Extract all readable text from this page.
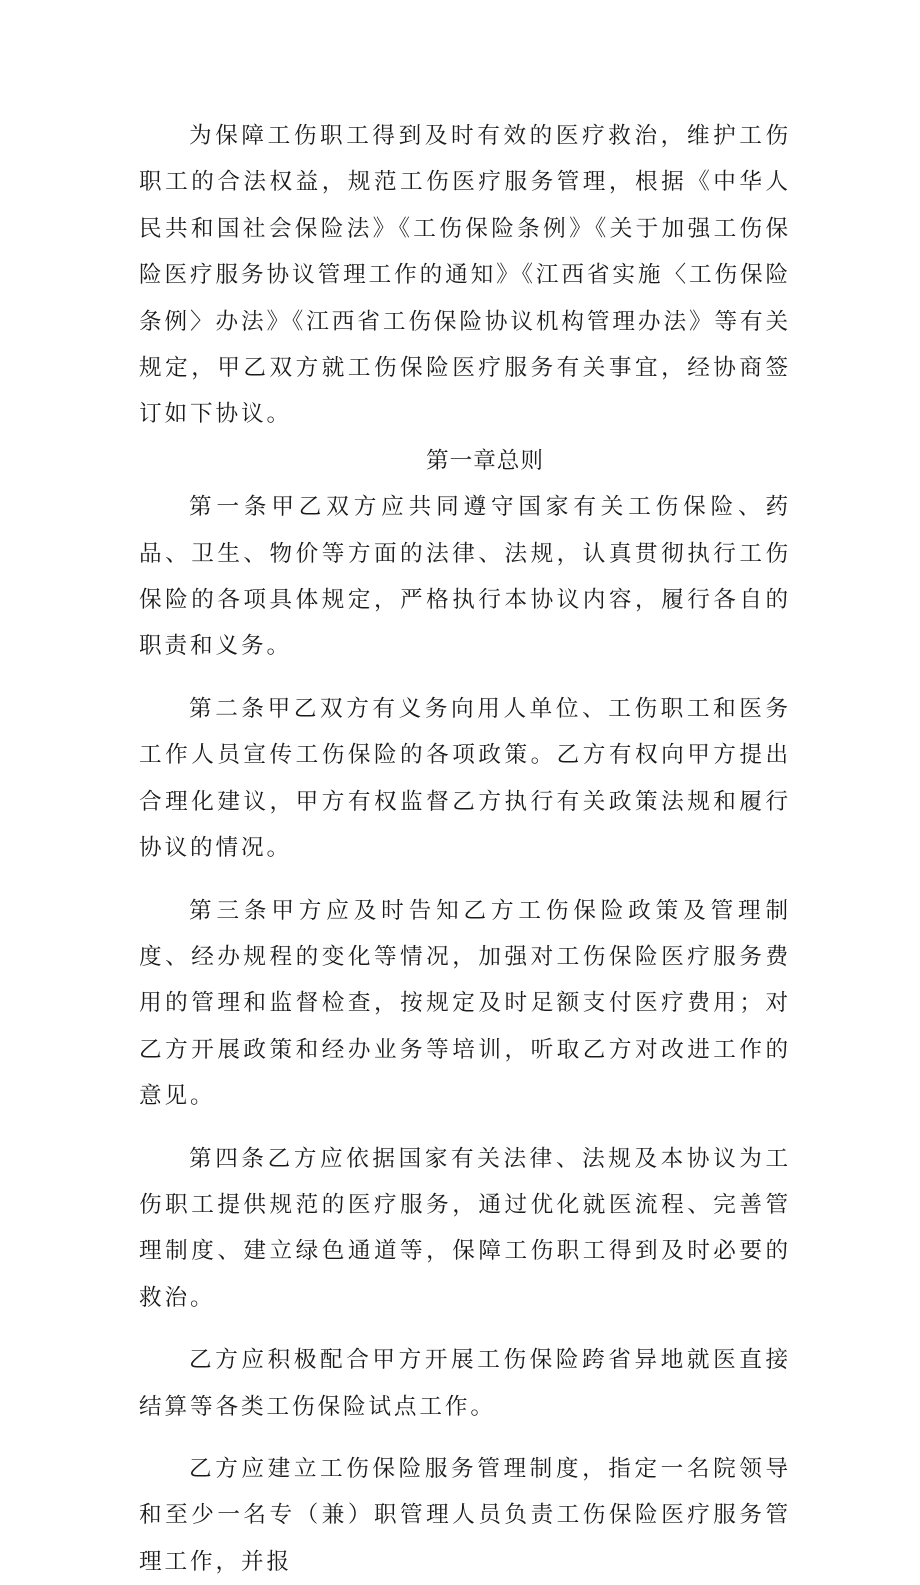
为保障工伤职工得到及时有效的医疗救治，维护工伤职工的合法权益，规范工伤医疗服务管理，根据《中华人民共和国社会保险法》《工伤保险条例》《关于加强工伤保险医疗服务协议管理工作的通知》《江西省实施〈工伤保险条例〉办法》《江西省工伤保险协议机构管理办法》等有关规定，甲乙双方就工伤保险医疗服务有关事宜，经协商签订如下协议。

第一章总则

第一条甲乙双方应共同遵守国家有关工伤保险、药品、卫生、物价等方面的法律、法规，认真贯彻执行工伤保险的各项具体规定，严格执行本协议内容，履行各自的职责和义务。

第二条甲乙双方有义务向用人单位、工伤职工和医务工作人员宣传工伤保险的各项政策。乙方有权向甲方提出合理化建议，甲方有权监督乙方执行有关政策法规和履行协议的情况。

第三条甲方应及时告知乙方工伤保险政策及管理制度、经办规程的变化等情况，加强对工伤保险医疗服务费用的管理和监督检查，按规定及时足额支付医疗费用；对乙方开展政策和经办业务等培训，听取乙方对改进工作的意见。

第四条乙方应依据国家有关法律、法规及本协议为工伤职工提供规范的医疗服务，通过优化就医流程、完善管理制度、建立绿色通道等，保障工伤职工得到及时必要的救治。

乙方应积极配合甲方开展工伤保险跨省异地就医直接结算等各类工伤保险试点工作。

乙方应建立工伤保险服务管理制度，指定一名院领导和至少一名专（兼）职管理人员负责工伤保险医疗服务管理工作，并报
